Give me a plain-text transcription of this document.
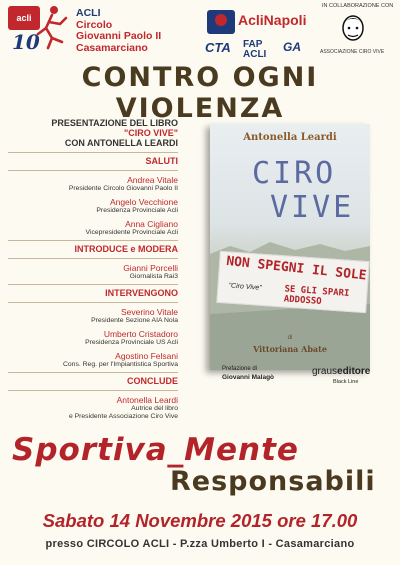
acli
10
ACLI
Circolo
Giovanni Paolo II
Casamarciano
AcliNapoli
CTA FAP
ACLI
GA
IN COLLABORAZIONE CON
ASSOCIAZIONE CIRO VIVE
CONTRO OGNI VIOLENZA
PRESENTAZIONE DEL LIBRO
"CIRO VIVE"
CON ANTONELLA LEARDI
SALUTI
Andrea Vitale
Presidente Circolo Giovanni Paolo II
Angelo Vecchione
Presidenza Provinciale Acli
Anna Cigliano
Vicepresidente Provinciale Acli
INTRODUCE e MODERA
Gianni Porcelli
Giornalista Rai3
INTERVENGONO
Severino Vitale
Presidente Sezione AIA Nola
Umberto Cristadoro
Presidenza Provinciale US Acli
Agostino Felsani
Cons. Reg. per l'Impiantistica Sportiva
CONCLUDE
Antonella Leardi
Autrice del libro
e Presidente Associazione Ciro Vive
Antonella Leardi
CIRO
VIVE
NON SPEGNI IL SOLE
"Ciro Vive" SE GLI SPARI ADDOSSO
di
Vittoriana Abate
Prefazione di
Giovanni Malagò
grauseditore
Black Line
Sportiva_Mente
Responsabili
Sabato 14 Novembre 2015 ore 17.00
presso CIRCOLO ACLI - P.zza Umberto I - Casamarciano
